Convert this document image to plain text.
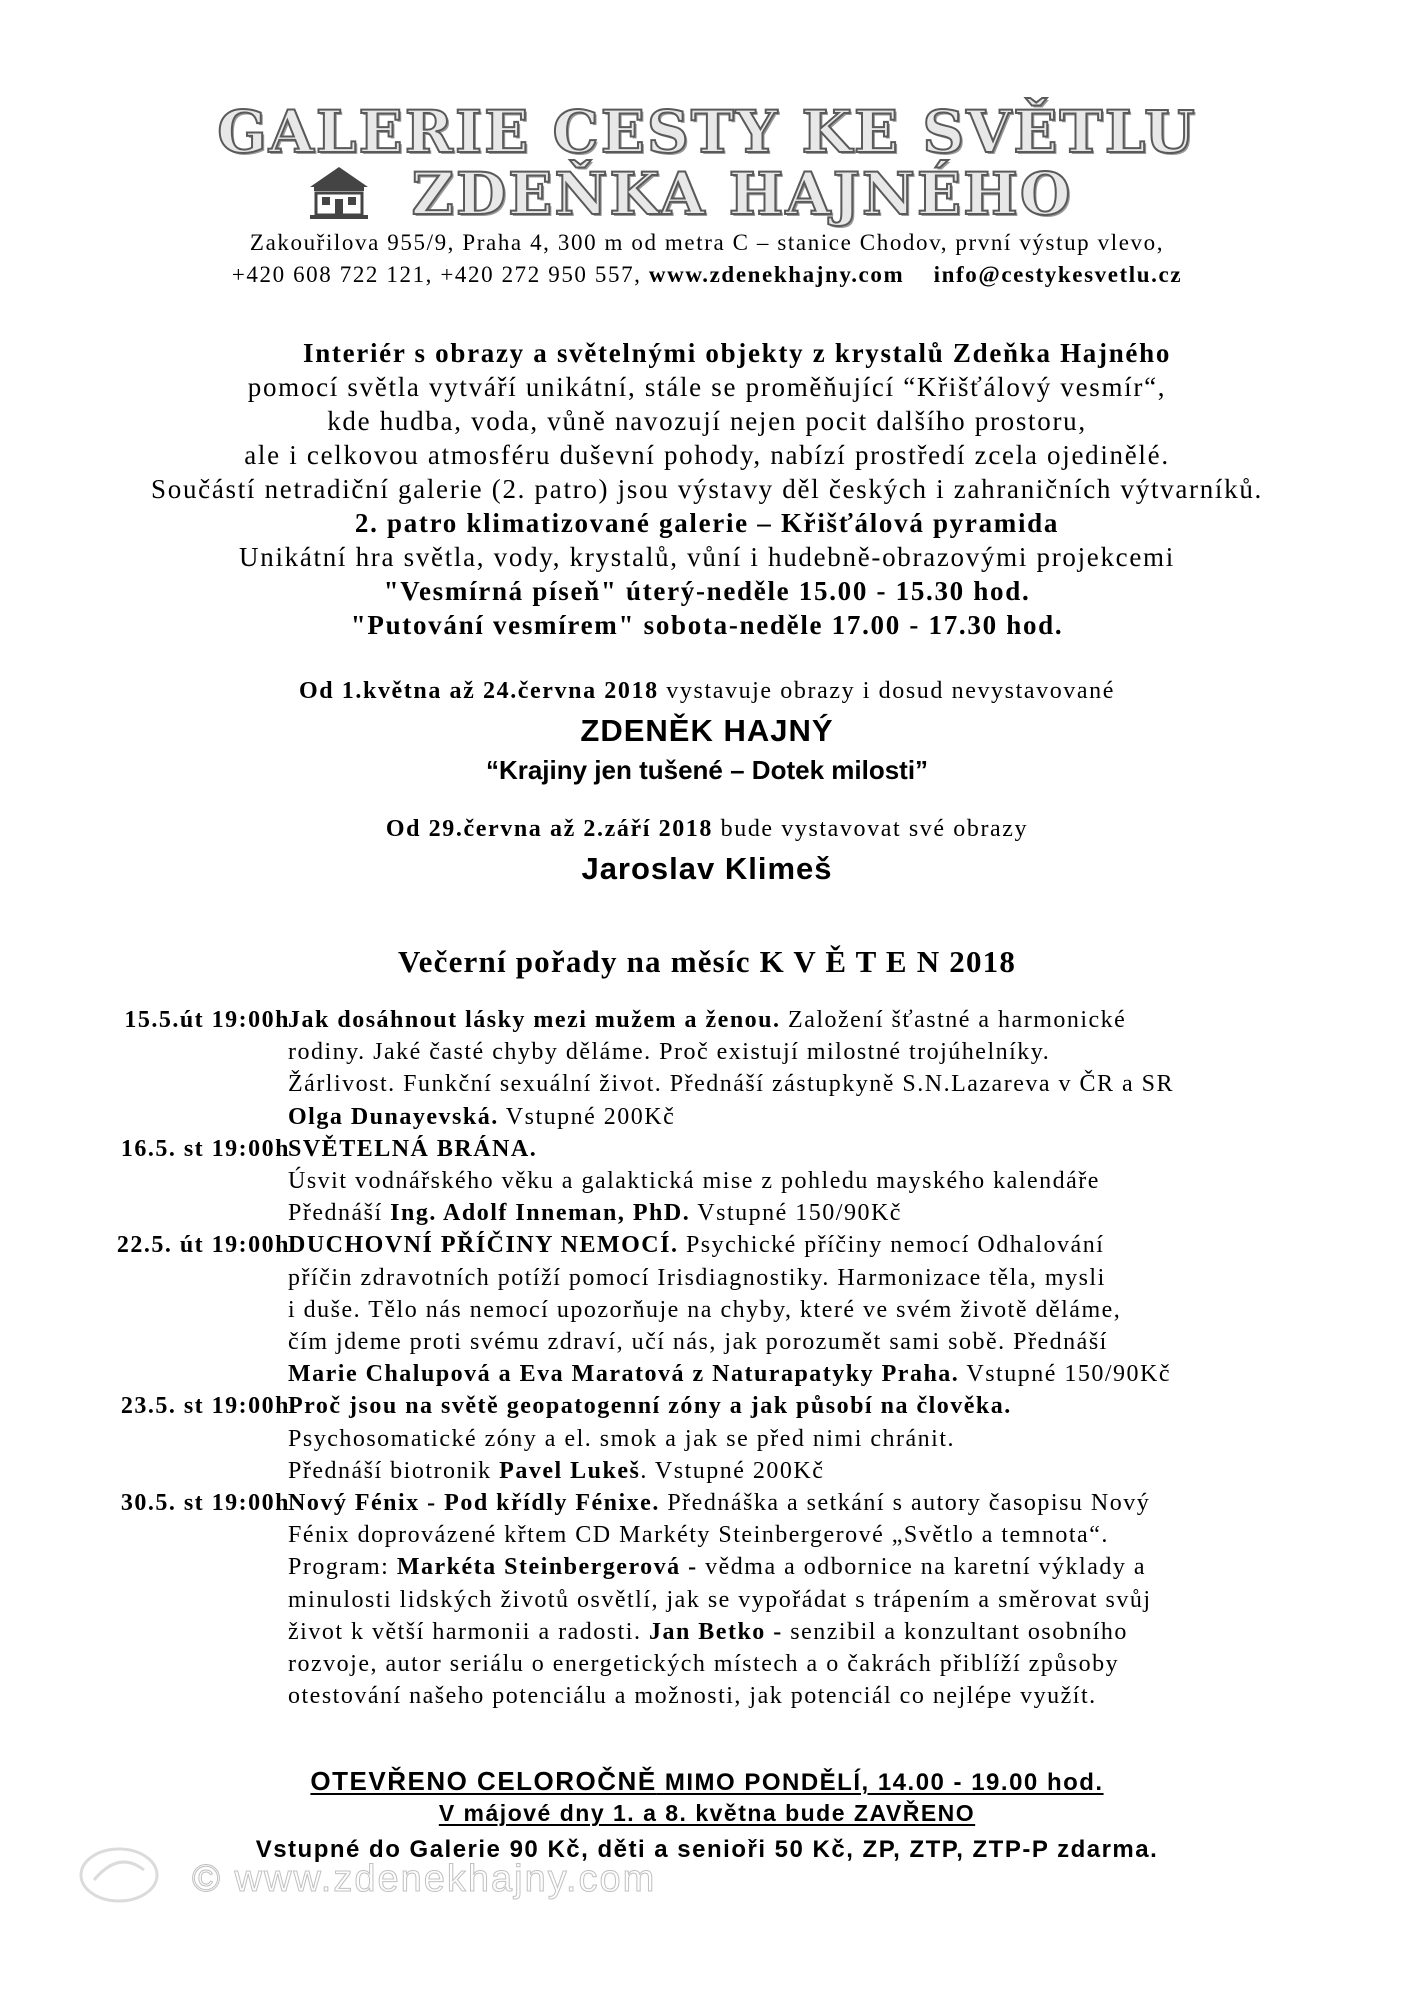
GALERIE CESTY KE SVĚTLU
ZDEŇKA HAJNÉHO
Zakouřilova 955/9, Praha 4, 300 m od metra C – stanice Chodov, první výstup vlevo,
+420 608 722 121, +420 272 950 557, www.zdenekhajny.com info@cestykesvetlu.cz
Interiér s obrazy a světelnými objekty z krystalů Zdeňka Hajného
pomocí světla vytváří unikátní, stále se proměňující “Křišťálový vesmír“,
kde hudba, voda, vůně navozují nejen pocit dalšího prostoru,
ale i celkovou atmosféru duševní pohody, nabízí prostředí zcela ojedinělé.
Součástí netradiční galerie (2. patro) jsou výstavy děl českých i zahraničních výtvarníků.
2. patro klimatizované galerie – Křišťálová pyramida
Unikátní hra světla, vody, krystalů, vůní i hudebně-obrazovými projekcemi
"Vesmírná píseň" úterý-neděle 15.00 - 15.30 hod.
"Putování vesmírem" sobota-neděle 17.00 - 17.30 hod.
Od 1.května až 24.června 2018 vystavuje obrazy i dosud nevystavované
ZDENĚK HAJNÝ
“Krajiny jen tušené – Dotek milosti”
Od 29.června až 2.září 2018 bude vystavovat své obrazy
Jaroslav Klimeš
Večerní pořady na měsíc K V Ě T E N 2018
15.5.út 19:00h
Jak dosáhnout lásky mezi mužem a ženou. Založení šťastné a harmonické
rodiny. Jaké časté chyby děláme. Proč existují milostné trojúhelníky.
Žárlivost. Funkční sexuální život. Přednáší zástupkyně S.N.Lazareva v ČR a SR
Olga Dunayevská. Vstupné 200Kč
16.5. st 19:00h
SVĚTELNÁ BRÁNA.
Úsvit vodnářského věku a galaktická mise z pohledu mayského kalendáře
Přednáší Ing. Adolf Inneman, PhD. Vstupné 150/90Kč
22.5. út 19:00h
DUCHOVNÍ PŘÍČINY NEMOCÍ. Psychické příčiny nemocí Odhalování
příčin zdravotních potíží pomocí Irisdiagnostiky. Harmonizace těla, mysli
i duše. Tělo nás nemocí upozorňuje na chyby, které ve svém životě děláme,
čím jdeme proti svému zdraví, učí nás, jak porozumět sami sobě. Přednáší
Marie Chalupová a Eva Maratová z Naturapatyky Praha. Vstupné 150/90Kč
23.5. st 19:00h
Proč jsou na světě geopatogenní zóny a jak působí na člověka.
Psychosomatické zóny a el. smok a jak se před nimi chránit.
Přednáší biotronik Pavel Lukeš. Vstupné 200Kč
30.5. st 19:00h
Nový Fénix - Pod křídly Fénixe. Přednáška a setkání s autory časopisu Nový
Fénix doprovázené křtem CD Markéty Steinbergerové „Světlo a temnota“.
Program: Markéta Steinbergerová - vědma a odbornice na karetní výklady a
minulosti lidských životů osvětlí, jak se vypořádat s trápením a směrovat svůj
život k větší harmonii a radosti. Jan Betko - senzibil a konzultant osobního
rozvoje, autor seriálu o energetických místech a o čakrách přiblíží způsoby
otestování našeho potenciálu a možnosti, jak potenciál co nejlépe využít.
OTEVŘENO CELOROČNĚ MIMO PONDĚLÍ, 14.00 - 19.00 hod.
V májové dny 1. a 8. května bude ZAVŘENO
Vstupné do Galerie 90 Kč, děti a senioři 50 Kč, ZP, ZTP, ZTP-P zdarma.
© www.zdenekhajny.com
